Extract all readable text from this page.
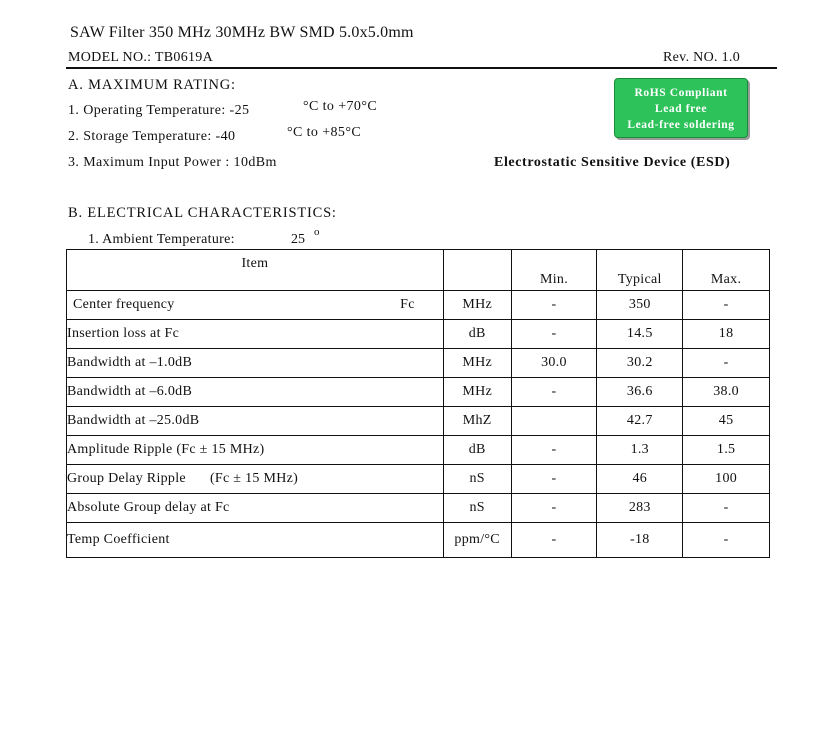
SAW Filter 350 MHz 30MHz BW SMD 5.0x5.0mm
MODEL NO.: TB0619A	Rev. NO. 1.0
A. MAXIMUM RATING:
1. Operating Temperature: -25	°C to +70°C
2. Storage Temperature: -40	°C to +85°C
3. Maximum Input Power : 10dBm
RoHS Compliant
Lead free
Lead-free soldering
Electrostatic Sensitive Device (ESD)
B. ELECTRICAL CHARACTERISTICS:
1. Ambient Temperature:	25 o
Item		Min.	Typical	Max.

Center frequency Fc	MHz	-	350	-

Insertion loss at Fc	dB	-	14.5	18

Bandwidth at –1.0dB	MHz	30.0	30.2	-

Bandwidth at –6.0dB	MHz	-	36.6	38.0

Bandwidth at –25.0dB	MhZ		42.7	45

Amplitude Ripple (Fc ± 15 MHz)	dB	-	1.3	1.5

Group Delay Ripple (Fc ± 15 MHz)	nS	-	46	100

Absolute Group delay at Fc	nS	-	283	-

Temp Coefficient	ppm/°C	-	-18	-
